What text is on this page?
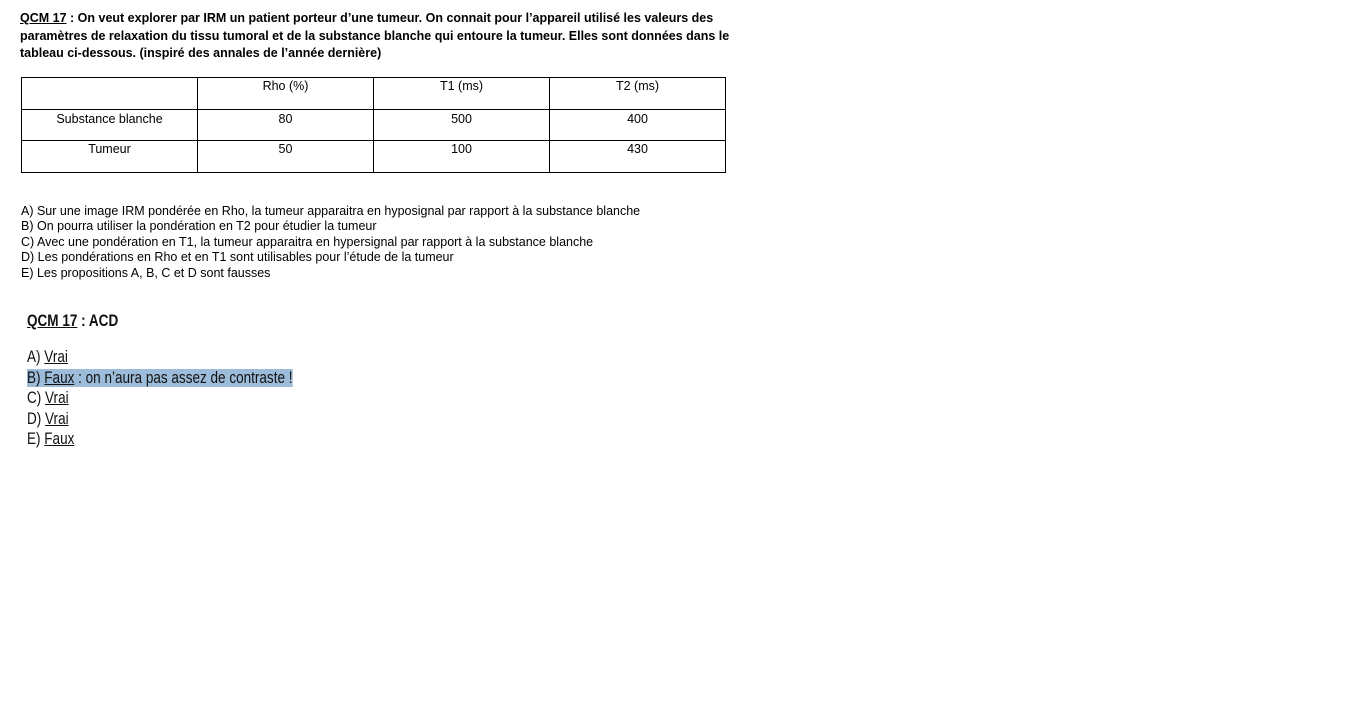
QCM 17 : On veut explorer par IRM un patient porteur d’une tumeur. On connait pour l’appareil utilisé les valeurs des paramètres de relaxation du tissu tumoral et de la substance blanche qui entoure la tumeur. Elles sont données dans le tableau ci-dessous. (inspiré des annales de l’année dernière)
	Rho (%)	T1 (ms)	T2 (ms)
Substance blanche	80	500	400
Tumeur	50	100	430
A) Sur une image IRM pondérée en Rho, la tumeur apparaitra en hyposignal par rapport à la substance blanche
B) On pourra utiliser la pondération en T2 pour étudier la tumeur
C) Avec une pondération en T1, la tumeur apparaitra en hypersignal par rapport à la substance blanche
D) Les pondérations en Rho et en T1 sont utilisables pour l’étude de la tumeur
E) Les propositions A, B, C et D sont fausses
QCM 17 : ACD
A) Vrai
B) Faux : on n’aura pas assez de contraste !
C) Vrai
D) Vrai
E) Faux
